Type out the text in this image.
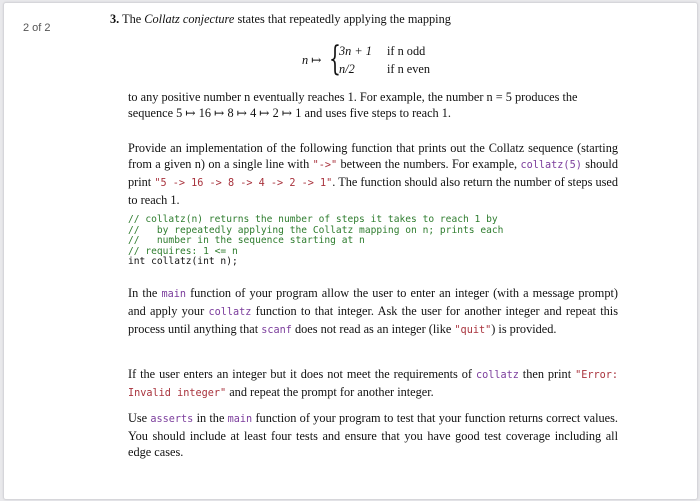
2 of 2

3. The Collatz conjecture states that repeatedly applying the mapping

n ↦ {
3n + 1 if n odd
n/2	if n even

to any positive number n eventually reaches 1. For example, the number n = 5 produces the
sequence 5 ↦ 16 ↦ 8 ↦ 4 ↦ 2 ↦ 1 and uses five steps to reach 1.

Provide an implementation of the following function that prints out the Collatz sequence (starting from a given n) on a single line with "->" between the numbers. For example, collatz(5) should print "5 -> 16 -> 8 -> 4 -> 2 -> 1". The function should also return the number of steps used to reach 1.

// collatz(n) returns the number of steps it takes to reach 1 by
//   by repeatedly applying the Collatz mapping on n; prints each
//   number in the sequence starting at n
// requires: 1 <= n
int collatz(int n);

In the main function of your program allow the user to enter an integer (with a message prompt) and apply your collatz function to that integer. Ask the user for another integer and repeat this process until anything that scanf does not read as an integer (like "quit") is provided.

If the user enters an integer but it does not meet the requirements of collatz then print "Error: Invalid integer" and repeat the prompt for another integer.

Use asserts in the main function of your program to test that your function returns correct values. You should include at least four tests and ensure that you have good test coverage including all edge cases.
